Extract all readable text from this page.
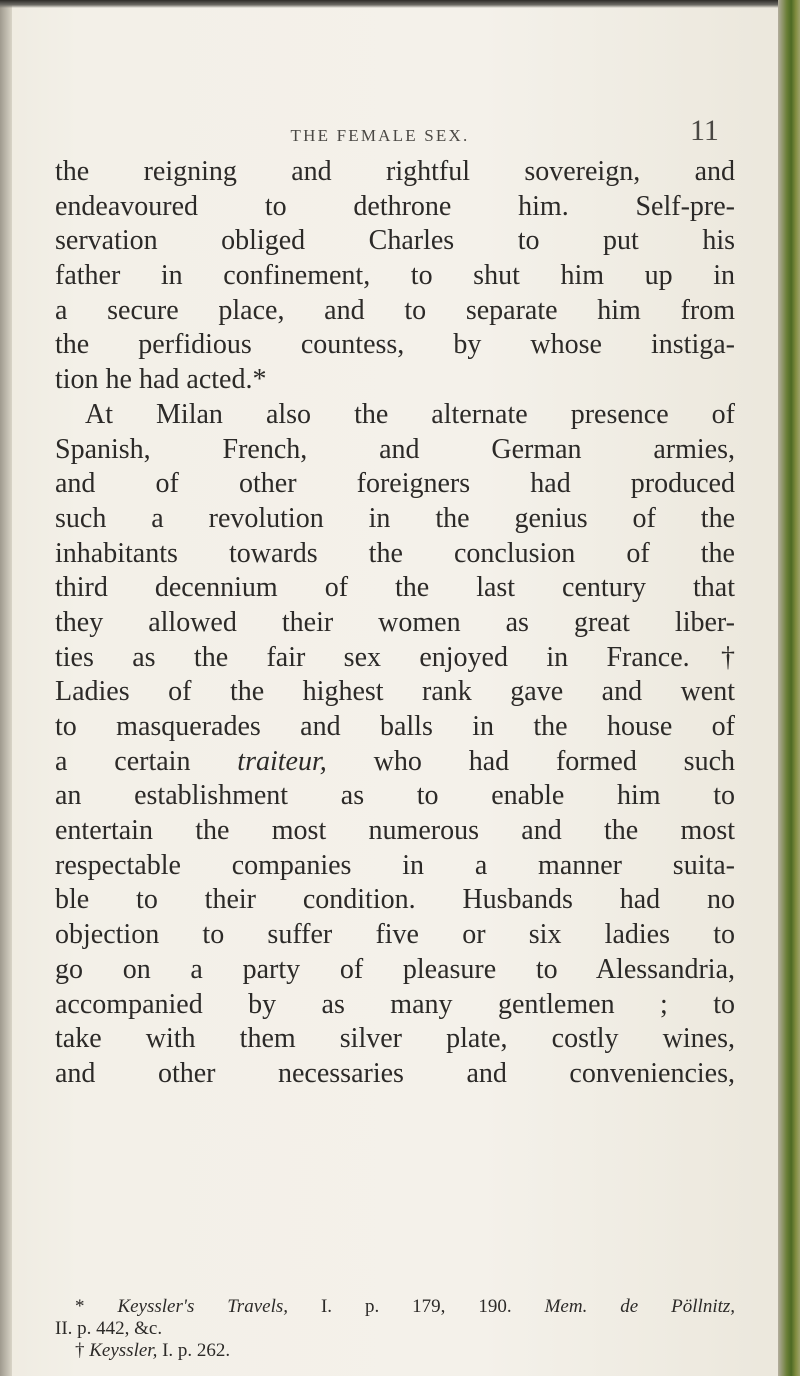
THE FEMALE SEX.	11
the reigning and rightful sovereign, and
endeavoured to dethrone him. Self-pre-
servation obliged Charles to put his
father in confinement, to shut him up in
a secure place, and to separate him from
the perfidious countess, by whose instiga-
tion he had acted.*
At Milan also the alternate presence of
Spanish, French, and German armies,
and of other foreigners had produced
such a revolution in the genius of the
inhabitants towards the conclusion of the
third decennium of the last century that
they allowed their women as great liber-
ties as the fair sex enjoyed in France.†
Ladies of the highest rank gave and went
to masquerades and balls in the house of
a certain traiteur, who had formed such
an establishment as to enable him to
entertain the most numerous and the most
respectable companies in a manner suita-
ble to their condition. Husbands had no
objection to suffer five or six ladies to
go on a party of pleasure to Alessandria,
accompanied by as many gentlemen ; to
take with them silver plate, costly wines,
and other necessaries and conveniencies,
* Keyssler's Travels, I. p. 179, 190. Mem. de Pöllnitz,
II. p. 442, &c.
† Keyssler, I. p. 262.
